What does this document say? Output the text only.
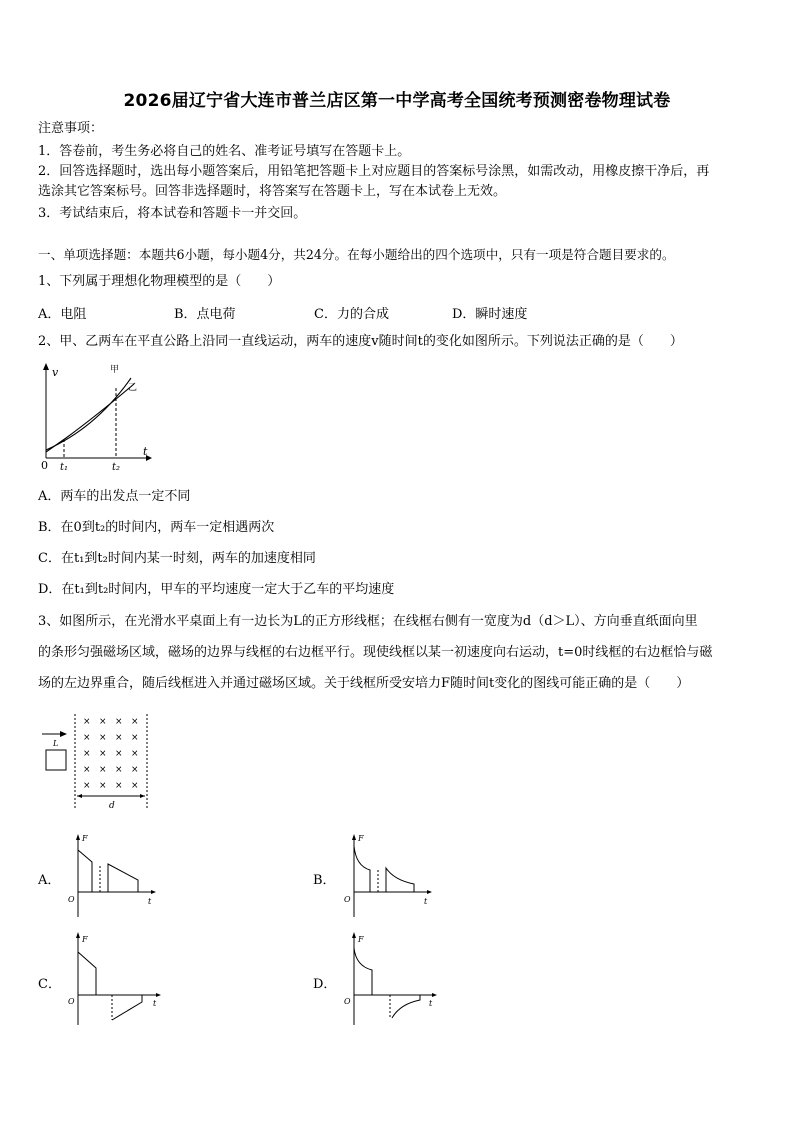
2026届辽宁省大连市普兰店区第一中学高考全国统考预测密卷物理试卷
注意事项：
1．答卷前，考生务必将自己的姓名、准考证号填写在答题卡上。
2．回答选择题时，选出每小题答案后，用铅笔把答题卡上对应题目的答案标号涂黑，如需改动，用橡皮擦干净后，再
选涂其它答案标号。回答非选择题时，将答案写在答题卡上，写在本试卷上无效。
3．考试结束后，将本试卷和答题卡一并交回。
一、单项选择题：本题共6小题，每小题4分，共24分。在每小题给出的四个选项中，只有一项是符合题目要求的。
1、下列属于理想化物理模型的是（　　）
A．电阻	B．点电荷	C．力的合成	D．瞬时速度
2、甲、乙两车在平直公路上沿同一直线运动，两车的速度v随时间t的变化如图所示。下列说法正确的是（　　）
v
t
0 t₁	t₂
甲
乙
A．两车的出发点一定不同
B．在0到t₂的时间内，两车一定相遇两次
C．在t₁到t₂时间内某一时刻，两车的加速度相同
D．在t₁到t₂时间内，甲车的平均速度一定大于乙车的平均速度
3、如图所示，在光滑水平桌面上有一边长为L的正方形线框；在线框右侧有一宽度为d（d＞L）、方向垂直纸面向里
的条形匀强磁场区域，磁场的边界与线框的右边框平行。现使线框以某一初速度向右运动，t=0时线框的右边框恰与磁
场的左边界重合，随后线框进入并通过磁场区域。关于线框所受安培力F随时间t变化的图线可能正确的是（　　）
L
× × × ×
× × × ×
× × × ×
× × × ×
× × × ×
d
A．	B．
C．	D．
F
O	t
F
O	t
F
O	t
F
O	t
